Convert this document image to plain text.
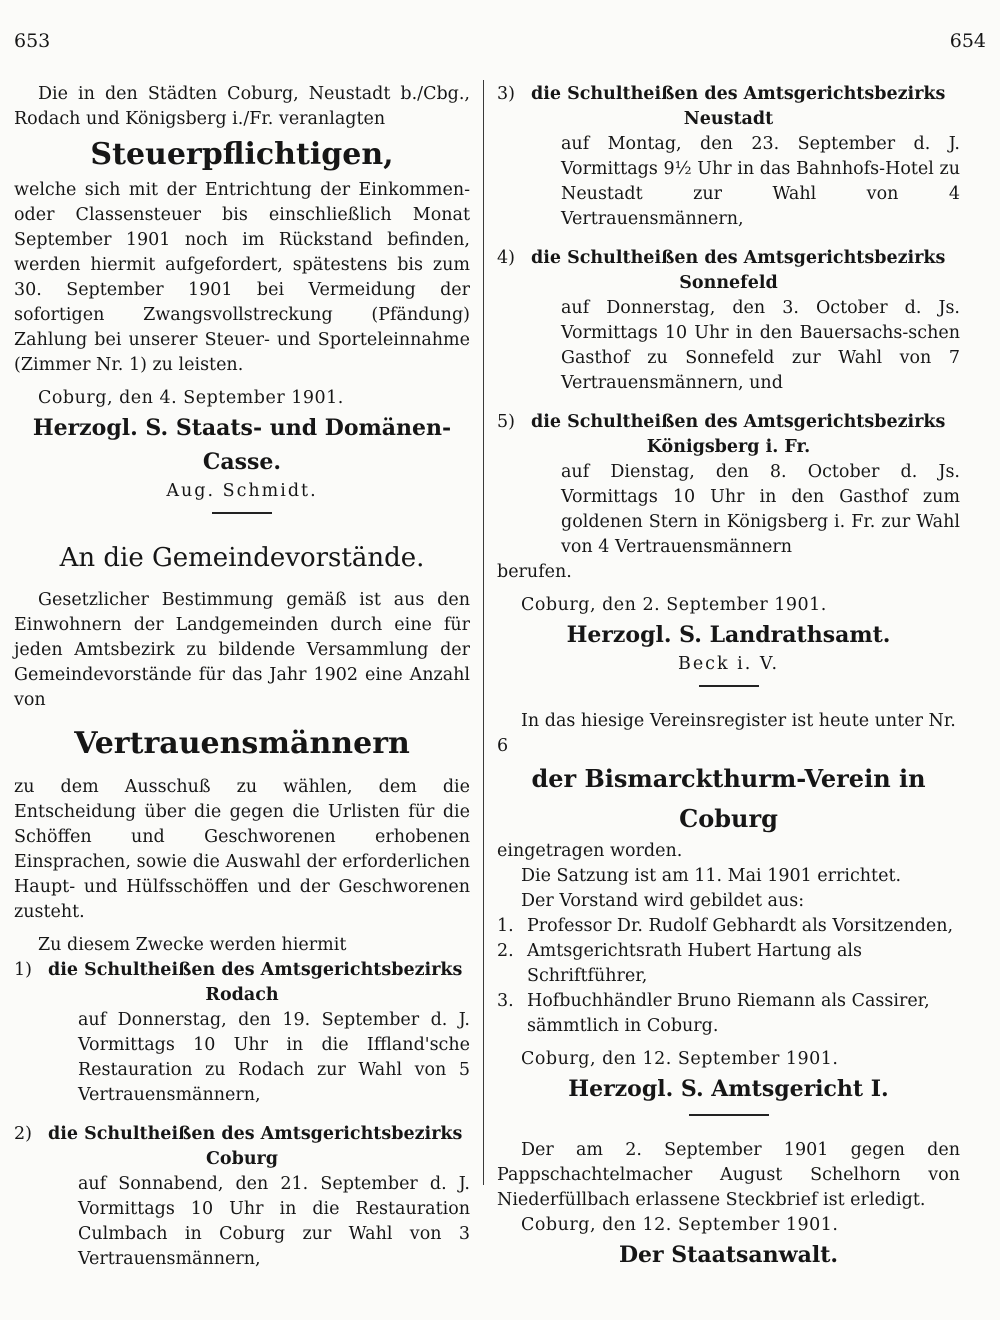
653	654

Die in den Städten Coburg, Neustadt b./Cbg., Rodach und Königsberg i./Fr. veranlagten

Steuerpflichtigen,

welche sich mit der Entrichtung der Einkommen- oder Classensteuer bis einschließlich Monat September 1901 noch im Rückstand befinden, werden hiermit aufgefordert, spätestens bis zum 30. September 1901 bei Vermeidung der sofortigen Zwangsvollstreckung (Pfändung) Zahlung bei unserer Steuer- und Sporteleinnahme (Zimmer Nr. 1) zu leisten.

Coburg, den 4. September 1901.

Herzogl. S. Staats- und Domänen-Casse.

Aug. Schmidt.

An die Gemeindevorstände.

Gesetzlicher Bestimmung gemäß ist aus den Einwohnern der Landgemeinden durch eine für jeden Amtsbezirk zu bildende Versammlung der Gemeindevorstände für das Jahr 1902 eine Anzahl von

Vertrauensmännern

zu dem Ausschuß zu wählen, dem die Entscheidung über die gegen die Urlisten für die Schöffen und Geschworenen erhobenen Einsprachen, sowie die Auswahl der erforderlichen Haupt- und Hülfsschöffen und der Geschworenen zusteht.

Zu diesem Zwecke werden hiermit

1) die Schultheißen des Amtsgerichtsbezirks
Rodach

auf Donnerstag, den 19. September d. J. Vormittags 10 Uhr in die Iffland'sche Restauration zu Rodach zur Wahl von 5 Vertrauensmännern,

2) die Schultheißen des Amtsgerichtsbezirks
Coburg

auf Sonnabend, den 21. September d. J. Vormittags 10 Uhr in die Restauration Culmbach in Coburg zur Wahl von 3 Vertrauensmännern,

3) die Schultheißen des Amtsgerichtsbezirks
Neustadt

auf Montag, den 23. September d. J. Vormittags 9½ Uhr in das Bahnhofs-Hotel zu Neustadt zur Wahl von 4 Vertrauensmännern,

4) die Schultheißen des Amtsgerichtsbezirks
Sonnefeld

auf Donnerstag, den 3. October d. Js. Vormittags 10 Uhr in den Bauersachs-schen Gasthof zu Sonnefeld zur Wahl von 7 Vertrauensmännern, und

5) die Schultheißen des Amtsgerichtsbezirks
Königsberg i. Fr.

auf Dienstag, den 8. October d. Js. Vormittags 10 Uhr in den Gasthof zum goldenen Stern in Königsberg i. Fr. zur Wahl von 4 Vertrauensmännern

berufen.

Coburg, den 2. September 1901.

Herzogl. S. Landrathsamt.

Beck i. V.

In das hiesige Vereinsregister ist heute unter Nr. 6

der Bismarckthurm-Verein in Coburg

eingetragen worden.

Die Satzung ist am 11. Mai 1901 errichtet.

Der Vorstand wird gebildet aus:

1. Professor Dr. Rudolf Gebhardt als Vorsitzenden,
2. Amtsgerichtsrath Hubert Hartung als Schriftführer,
3. Hofbuchhändler Bruno Riemann als Cassirer, sämmtlich in Coburg.

Coburg, den 12. September 1901.

Herzogl. S. Amtsgericht I.

Der am 2. September 1901 gegen den Pappschachtelmacher August Schelhorn von Niederfüllbach erlassene Steckbrief ist erledigt.

Coburg, den 12. September 1901.

Der Staatsanwalt.
